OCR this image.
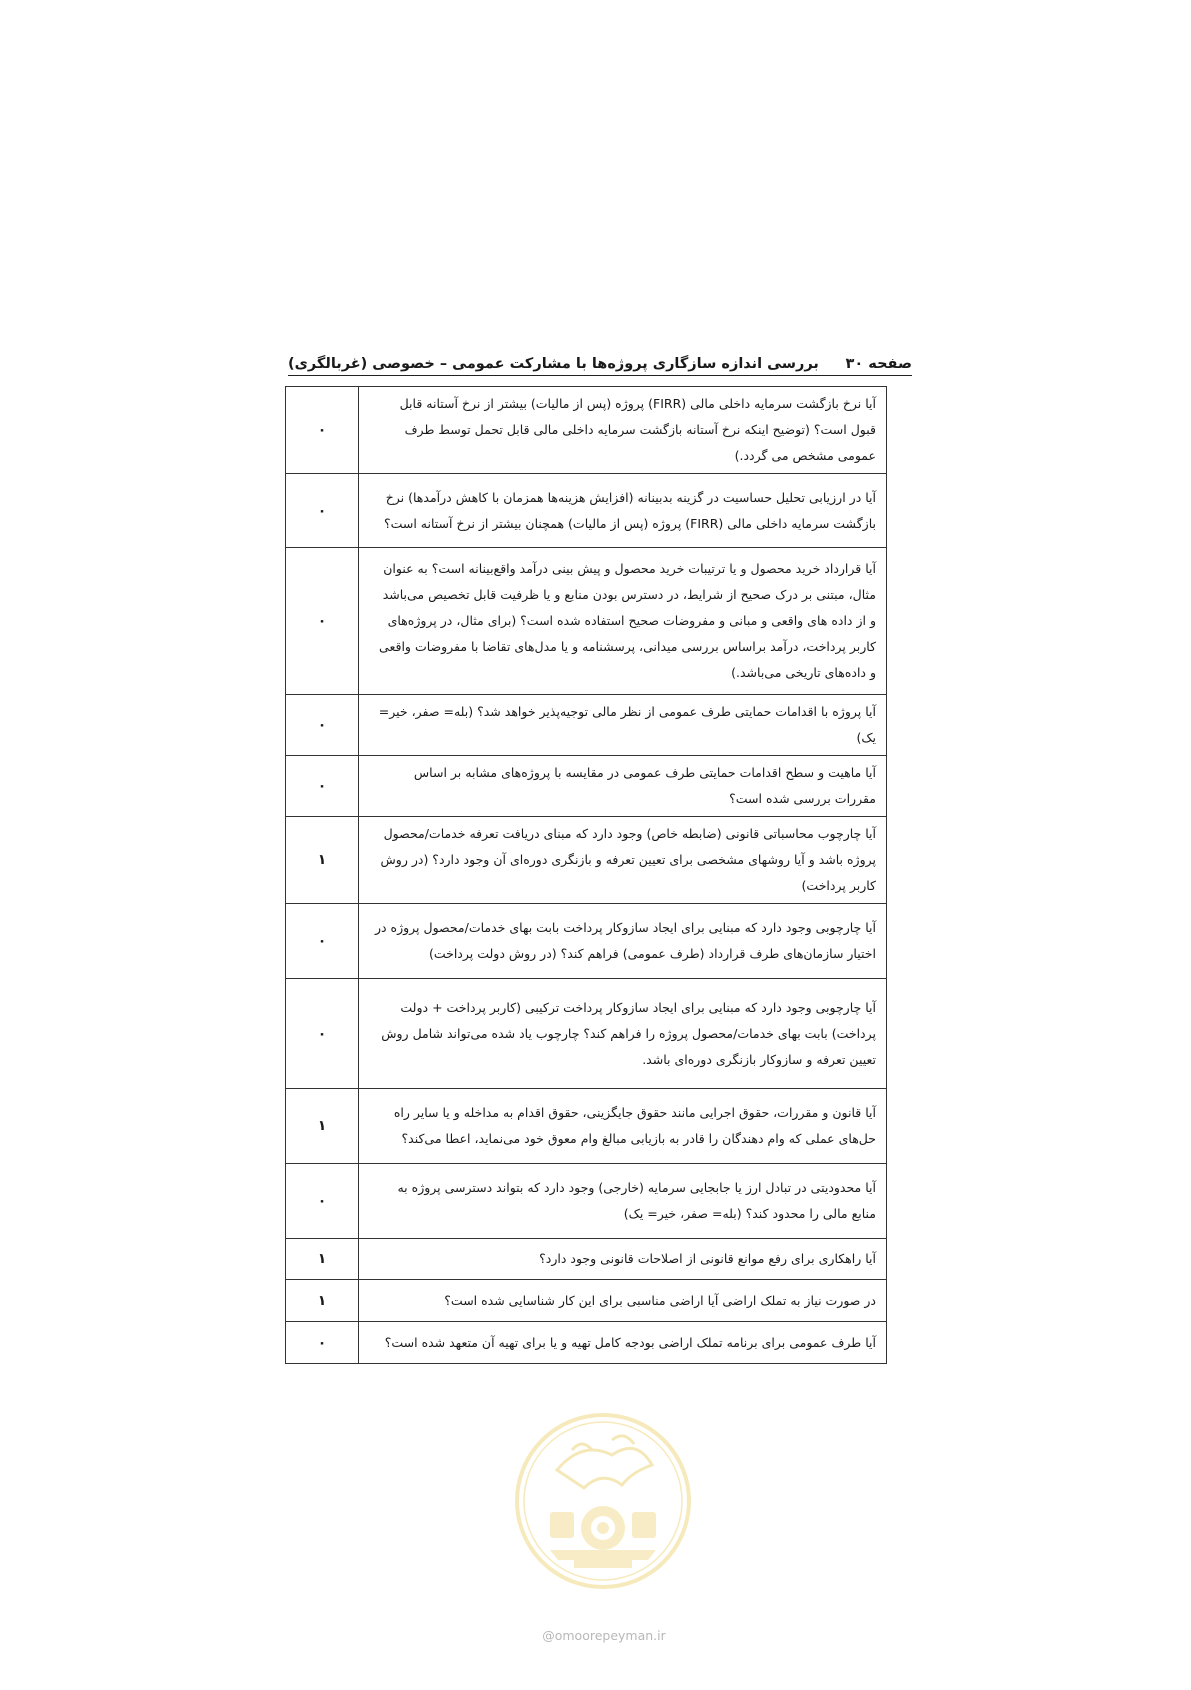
صفحه ۳۰
بررسی اندازه سازگاری پروژه‌ها با مشارکت عمومی – خصوصی (غربالگری)
آیا نرخ بازگشت سرمایه داخلی مالی (FIRR) پروژه (پس از مالیات) بیشتر از نرخ آستانه قابل قبول است؟ (توضیح اینکه نرخ آستانه بازگشت سرمایه داخلی مالی قابل تحمل توسط طرف عمومی مشخص می گردد.)	۰
آیا در ارزیابی تحلیل حساسیت در گزینه بدبینانه (افزایش هزینه‌ها همزمان با کاهش درآمدها) نرخ بازگشت سرمایه داخلی مالی (FIRR) پروژه (پس از مالیات) همچنان بیشتر از نرخ آستانه است؟	۰
آیا قرارداد خرید محصول و یا ترتیبات خرید محصول و پیش بینی درآمد واقع‌بینانه است؟ به عنوان مثال، مبتنی بر درک صحیح از شرایط، در دسترس بودن منابع و یا ظرفیت قابل تخصیص می‌باشد و از داده های واقعی و مبانی و مفروضات صحیح استفاده شده است؟ (برای مثال، در پروژه‌های کاربر پرداخت، درآمد براساس بررسی میدانی، پرسشنامه و یا مدل‌های تقاضا با مفروضات واقعی و داده‌های تاریخی می‌باشد.)	۰
آیا پروژه با اقدامات حمایتی طرف عمومی از نظر مالی توجیه‌پذیر خواهد شد؟ (بله= صفر، خیر= یک)	۰
آیا ماهیت و سطح اقدامات حمایتی طرف عمومی در مقایسه با پروژه‌های مشابه بر اساس مقررات بررسی شده است؟	۰
آیا چارچوب محاسباتی قانونی (ضابطه خاص) وجود دارد که مبنای دریافت تعرفه خدمات/محصول پروژه باشد و آیا روشهای مشخصی برای تعیین تعرفه و بازنگری دوره‌ای آن وجود دارد؟ (در روش کاربر پرداخت)	۱
آیا چارچوبی وجود دارد که مبنایی برای ایجاد سازوکار پرداخت بابت بهای خدمات/محصول پروژه در اختیار سازمان‌های طرف قرارداد (طرف عمومی) فراهم کند؟ (در روش دولت پرداخت)	۰
آیا چارچوبی وجود دارد که مبنایی برای ایجاد سازوکار پرداخت ترکیبی (کاربر پرداخت + دولت پرداخت) بابت بهای خدمات/محصول پروژه را فراهم کند؟ چارچوب یاد شده می‌تواند شامل روش تعیین تعرفه و سازوکار بازنگری دوره‌ای باشد.	۰
آیا قانون و مقررات، حقوق اجرایی مانند حقوق جایگزینی، حقوق اقدام به مداخله و یا سایر راه حل‌های عملی که وام دهندگان را قادر به بازیابی مبالغ وام معوق خود می‌نماید، اعطا می‌کند؟	۱
آیا محدودیتی در تبادل ارز یا جابجایی سرمایه (خارجی) وجود دارد که بتواند دسترسی پروژه به منابع مالی را محدود کند؟ (بله= صفر، خیر= یک)	۰
آیا راهکاری برای رفع موانع قانونی از اصلاحات قانونی وجود دارد؟	۱
در صورت نیاز به تملک اراضی آیا اراضی مناسبی برای این کار شناسایی شده است؟	۱
آیا طرف عمومی برای برنامه تملک اراضی بودجه کامل تهیه و یا برای تهیه آن متعهد شده است؟	۰
@omoorepeyman.ir
